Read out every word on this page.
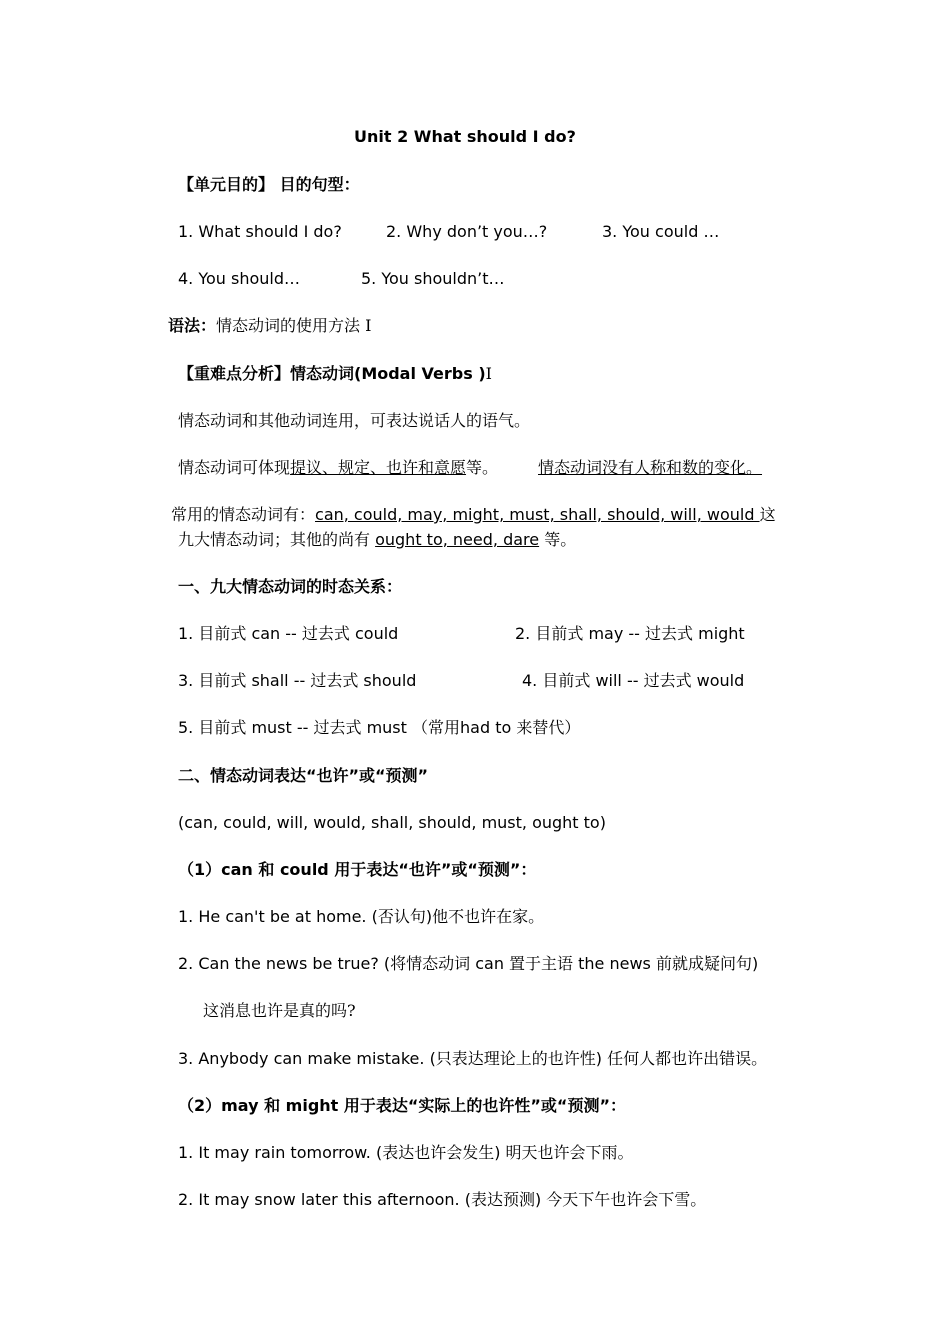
Unit 2 What should I do?
【单元目的】 目的句型：
1. What should I do?	2. Why don’t you…?	3. You could …
4. You should…	5. You shouldn’t…
语法：情态动词的使用方法 Ⅰ
【重难点分析】情态动词(Modal Verbs )Ⅰ
情态动词和其他动词连用，可表达说话人的语气。
情态动词可体现提议、规定、也许和意愿等。 情态动词没有人称和数的变化。
常用的情态动词有：can, could, may, might, must, shall, should, will, would 这
九大情态动词；其他的尚有 ought to, need, dare 等。
一、九大情态动词的时态关系：
1. 目前式 can -- 过去式 could	2. 目前式 may -- 过去式 might
3. 目前式 shall -- 过去式 should	4. 目前式 will -- 过去式 would
5. 目前式 must -- 过去式 must （常用had to 来替代）
二、情态动词表达“也许”或“预测”
(can, could, will, would, shall, should, must, ought to)
（1）can 和 could 用于表达“也许”或“预测”：
1. He can't be at home. (否认句)他不也许在家。
2. Can the news be true? (将情态动词 can 置于主语 the news 前就成疑问句)
这消息也许是真的吗?
3. Anybody can make mistake. (只表达理论上的也许性) 任何人都也许出错误。
（2）may 和 might 用于表达“实际上的也许性”或“预测”：
1. It may rain tomorrow. (表达也许会发生) 明天也许会下雨。
2. It may snow later this afternoon. (表达预测) 今天下午也许会下雪。
